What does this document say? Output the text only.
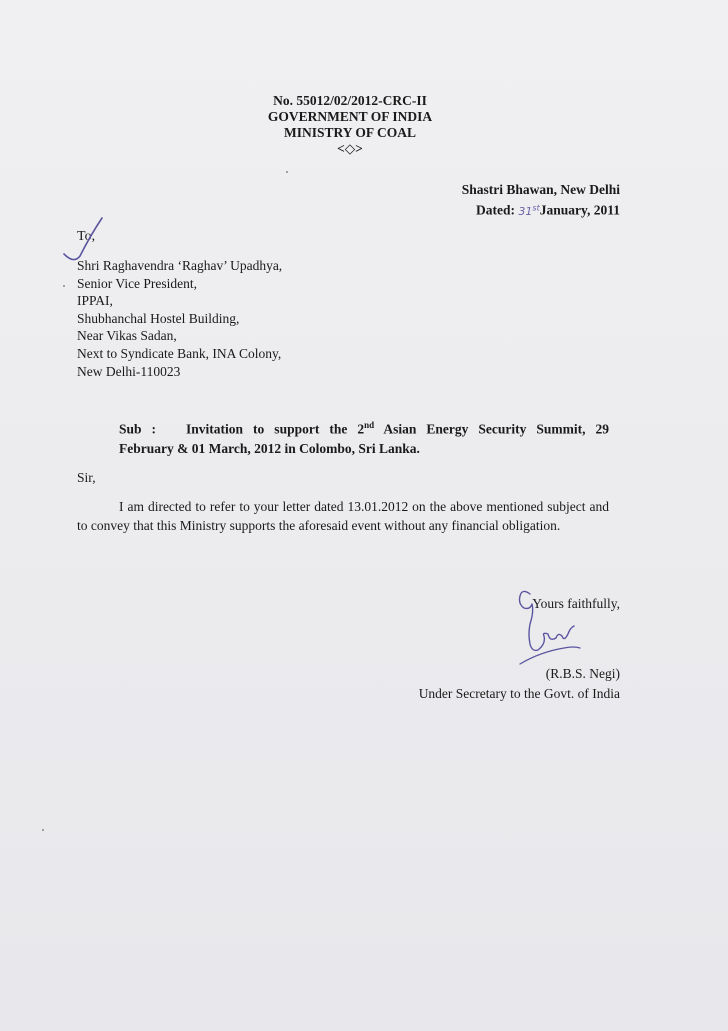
No. 55012/02/2012-CRC-II
GOVERNMENT OF INDIA
MINISTRY OF COAL
<◇>
Shastri Bhawan, New Delhi
Dated: 31stJanuary, 2011
To,
Shri Raghavendra ‘Raghav’ Upadhya,
Senior Vice President,
IPPAI,
Shubhanchal Hostel Building,
Near Vikas Sadan,
Next to Syndicate Bank, INA Colony,
New Delhi-110023
Sub : Invitation to support the 2nd Asian Energy Security Summit, 29
February & 01 March, 2012 in Colombo, Sri Lanka.
Sir,
I am directed to refer to your letter dated 13.01.2012 on the above mentioned subject and to convey that this Ministry supports the aforesaid event without any financial obligation.
Yours faithfully,
(R.B.S. Negi)
Under Secretary to the Govt. of India
